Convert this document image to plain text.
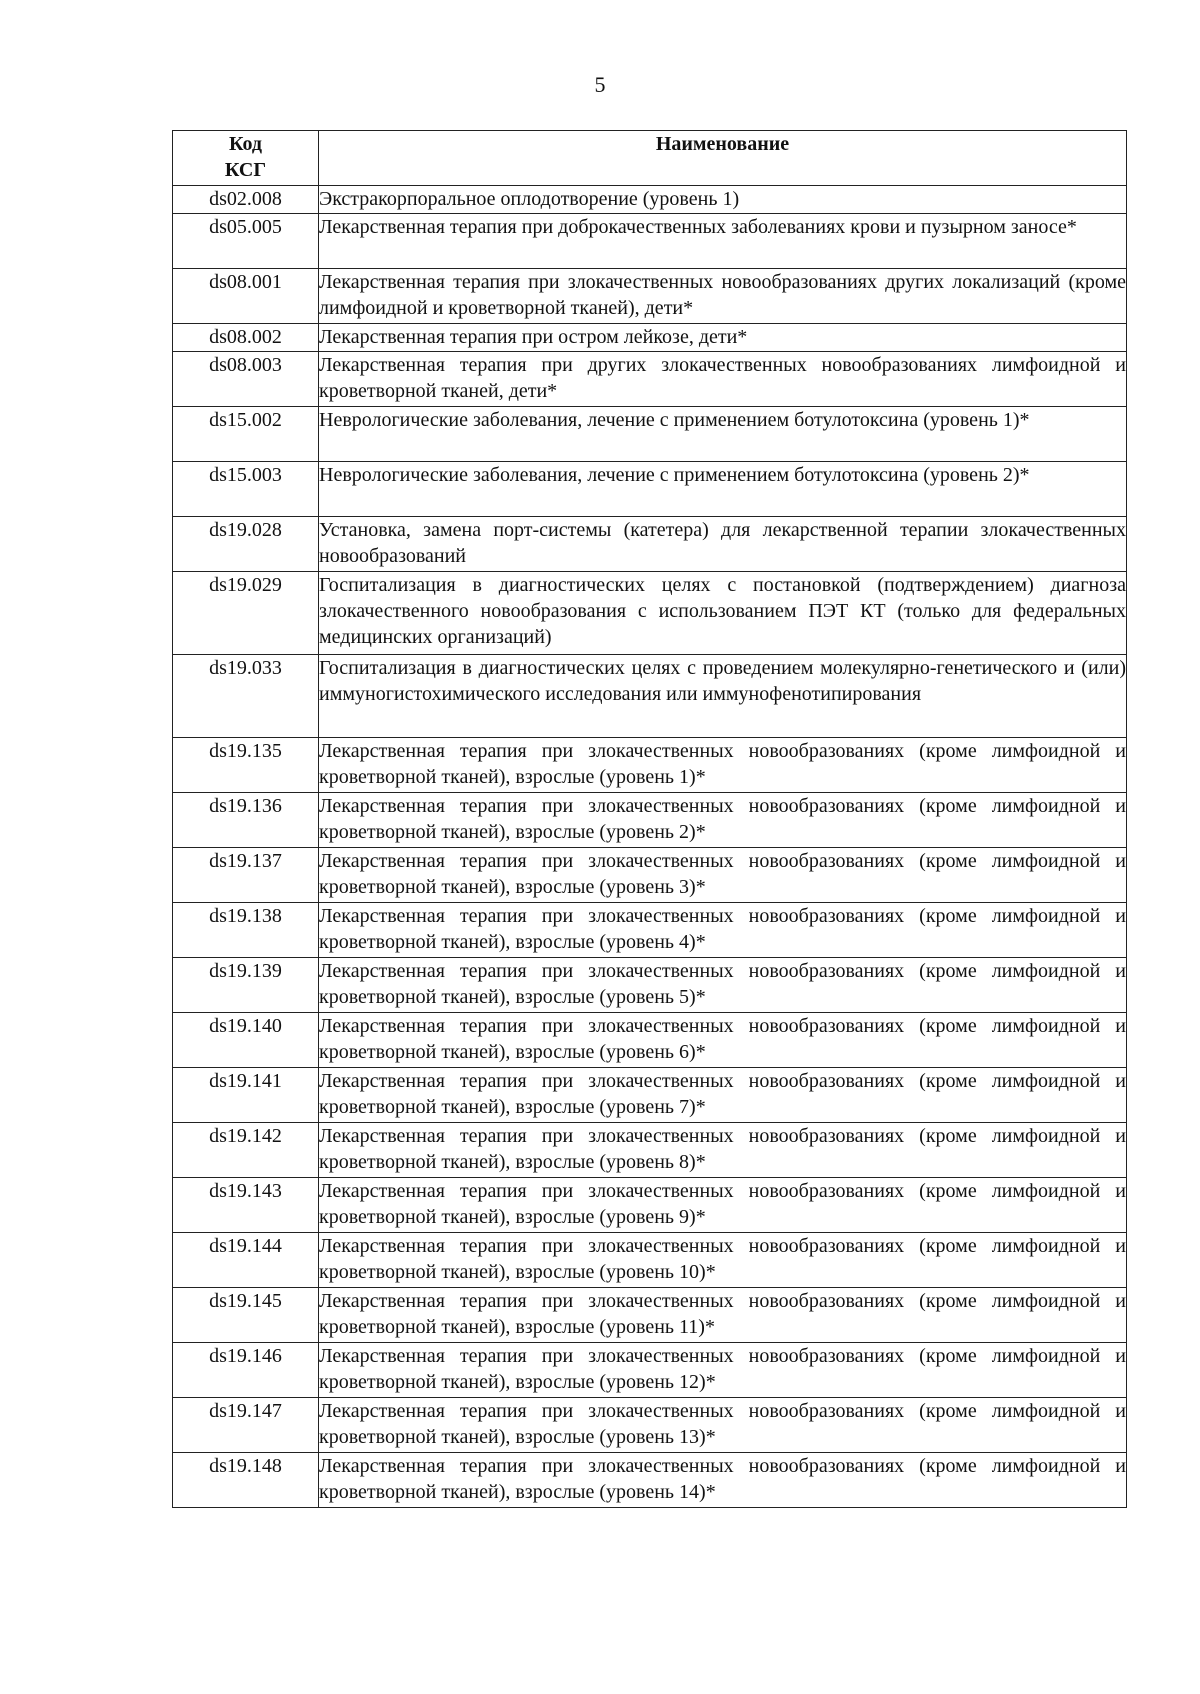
5
Код
КСГ	Наименование
ds02.008	Экстракорпоральное оплодотворение (уровень 1)
ds05.005	Лекарственная терапия при доброкачественных заболеваниях крови и пузырном заносе*
ds08.001	Лекарственная терапия при злокачественных новообразованиях других локализаций (кроме лимфоидной и кроветворной тканей), дети*
ds08.002	Лекарственная терапия при остром лейкозе, дети*
ds08.003	Лекарственная терапия при других злокачественных новообразованиях лимфоидной и кроветворной тканей, дети*
ds15.002	Неврологические заболевания, лечение с применением ботулотоксина (уровень 1)*
ds15.003	Неврологические заболевания, лечение с применением ботулотоксина (уровень 2)*
ds19.028	Установка, замена порт-системы (катетера) для лекарственной терапии злокачественных новообразований
ds19.029	Госпитализация в диагностических целях с постановкой (подтверждением) диагноза злокачественного новообразования с использованием ПЭТ КТ (только для федеральных медицинских организаций)
ds19.033	Госпитализация в диагностических целях с проведением молекулярно-генетического и (или) иммуногистохимического исследования или иммунофенотипирования
ds19.135	Лекарственная терапия при злокачественных новообразованиях (кроме лимфоидной и кроветворной тканей), взрослые (уровень 1)*
ds19.136	Лекарственная терапия при злокачественных новообразованиях (кроме лимфоидной и кроветворной тканей), взрослые (уровень 2)*
ds19.137	Лекарственная терапия при злокачественных новообразованиях (кроме лимфоидной и кроветворной тканей), взрослые (уровень 3)*
ds19.138	Лекарственная терапия при злокачественных новообразованиях (кроме лимфоидной и кроветворной тканей), взрослые (уровень 4)*
ds19.139	Лекарственная терапия при злокачественных новообразованиях (кроме лимфоидной и кроветворной тканей), взрослые (уровень 5)*
ds19.140	Лекарственная терапия при злокачественных новообразованиях (кроме лимфоидной и кроветворной тканей), взрослые (уровень 6)*
ds19.141	Лекарственная терапия при злокачественных новообразованиях (кроме лимфоидной и кроветворной тканей), взрослые (уровень 7)*
ds19.142	Лекарственная терапия при злокачественных новообразованиях (кроме лимфоидной и кроветворной тканей), взрослые (уровень 8)*
ds19.143	Лекарственная терапия при злокачественных новообразованиях (кроме лимфоидной и кроветворной тканей), взрослые (уровень 9)*
ds19.144	Лекарственная терапия при злокачественных новообразованиях (кроме лимфоидной и кроветворной тканей), взрослые (уровень 10)*
ds19.145	Лекарственная терапия при злокачественных новообразованиях (кроме лимфоидной и кроветворной тканей), взрослые (уровень 11)*
ds19.146	Лекарственная терапия при злокачественных новообразованиях (кроме лимфоидной и кроветворной тканей), взрослые (уровень 12)*
ds19.147	Лекарственная терапия при злокачественных новообразованиях (кроме лимфоидной и кроветворной тканей), взрослые (уровень 13)*
ds19.148	Лекарственная терапия при злокачественных новообразованиях (кроме лимфоидной и кроветворной тканей), взрослые (уровень 14)*
